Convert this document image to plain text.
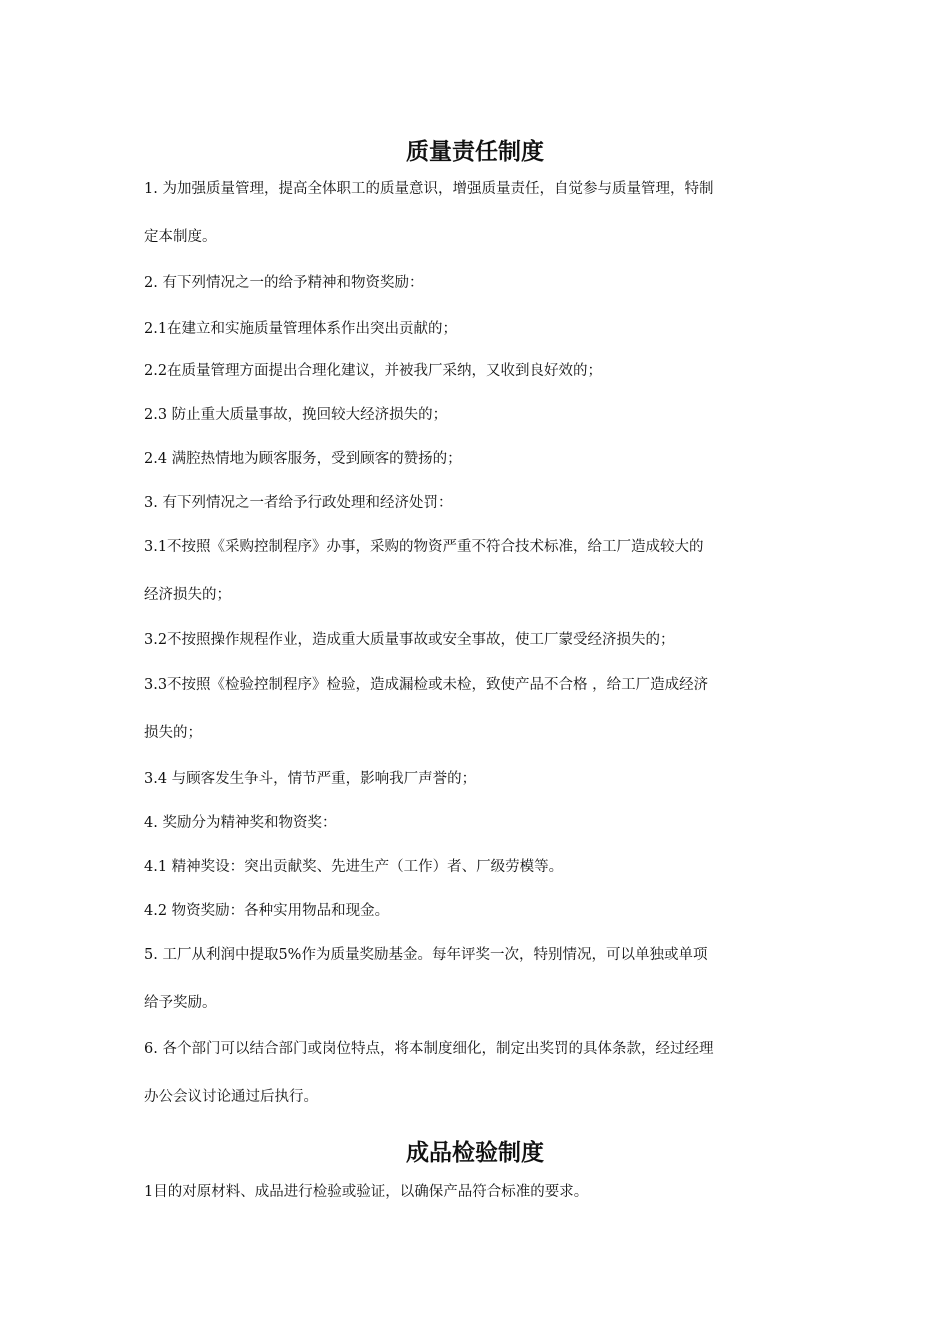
质量责任制度
1. 为加强质量管理，提高全体职工的质量意识，增强质量责任，自觉参与质量管理，特制
定本制度。
2. 有下列情况之一的给予精神和物资奖励：
2.1在建立和实施质量管理体系作出突出贡献的；
2.2在质量管理方面提出合理化建议，并被我厂采纳，又收到良好效的；
2.3 防止重大质量事故，挽回较大经济损失的；
2.4 满腔热情地为顾客服务，受到顾客的赞扬的；
3. 有下列情况之一者给予行政处理和经济处罚：
3.1不按照《采购控制程序》办事，采购的物资严重不符合技术标准，给工厂造成较大的
经济损失的；
3.2不按照操作规程作业，造成重大质量事故或安全事故，使工厂蒙受经济损失的；
3.3不按照《检验控制程序》检验，造成漏检或未检，致使产品不合格 ，给工厂造成经济
损失的；
3.4 与顾客发生争斗，情节严重，影响我厂声誉的；
4. 奖励分为精神奖和物资奖：
4.1 精神奖设：突出贡献奖、先进生产（工作）者、厂级劳模等。
4.2 物资奖励：各种实用物品和现金。
5. 工厂从利润中提取5%作为质量奖励基金。每年评奖一次，特别情况，可以单独或单项
给予奖励。
6. 各个部门可以结合部门或岗位特点，将本制度细化，制定出奖罚的具体条款，经过经理
办公会议讨论通过后执行。
成品检验制度
1目的对原材料、成品进行检验或验证，以确保产品符合标准的要求。
